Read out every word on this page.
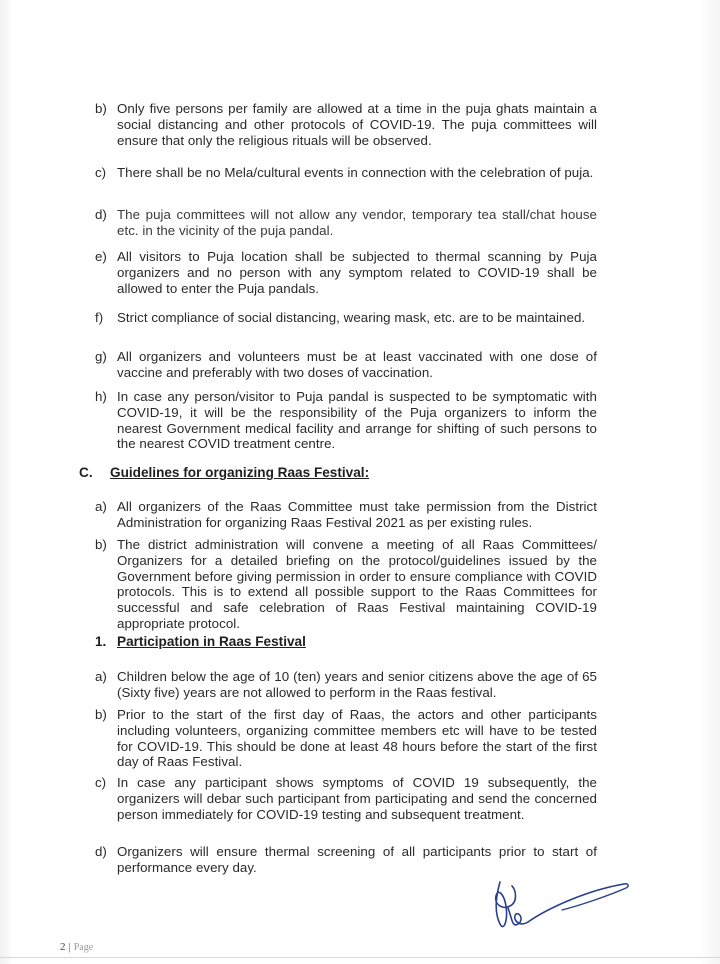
b) Only five persons per family are allowed at a time in the puja ghats maintain a social distancing and other protocols of COVID-19. The puja committees will ensure that only the religious rituals will be observed.
c) There shall be no Mela/cultural events in connection with the celebration of puja.
d) The puja committees will not allow any vendor, temporary tea stall/chat house etc. in the vicinity of the puja pandal.
e) All visitors to Puja location shall be subjected to thermal scanning by Puja organizers and no person with any symptom related to COVID-19 shall be allowed to enter the Puja pandals.
f)	Strict compliance of social distancing, wearing mask, etc. are to be maintained.
g) All organizers and volunteers must be at least vaccinated with one dose of vaccine and preferably with two doses of vaccination.
h) In case any person/visitor to Puja pandal is suspected to be symptomatic with COVID-19, it will be the responsibility of the Puja organizers to inform the nearest Government medical facility and arrange for shifting of such persons to the nearest COVID treatment centre.
C. Guidelines for organizing Raas Festival:
a) All organizers of the Raas Committee must take permission from the District Administration for organizing Raas Festival 2021 as per existing rules.
b) The district administration will convene a meeting of all Raas Committees/ Organizers for a detailed briefing on the protocol/guidelines issued by the Government before giving permission in order to ensure compliance with COVID protocols. This is to extend all possible support to the Raas Committees for successful and safe celebration of Raas Festival maintaining COVID-19 appropriate protocol.
1. Participation in Raas Festival
a) Children below the age of 10 (ten) years and senior citizens above the age of 65 (Sixty five) years are not allowed to perform in the Raas festival.
b) Prior to the start of the first day of Raas, the actors and other participants including volunteers, organizing committee members etc will have to be tested for COVID-19. This should be done at least 48 hours before the start of the first day of Raas Festival.
c) In case any participant shows symptoms of COVID 19 subsequently, the organizers will debar such participant from participating and send the concerned person immediately for COVID-19 testing and subsequent treatment.
d) Organizers will ensure thermal screening of all participants prior to start of performance every day.
2 | Page
